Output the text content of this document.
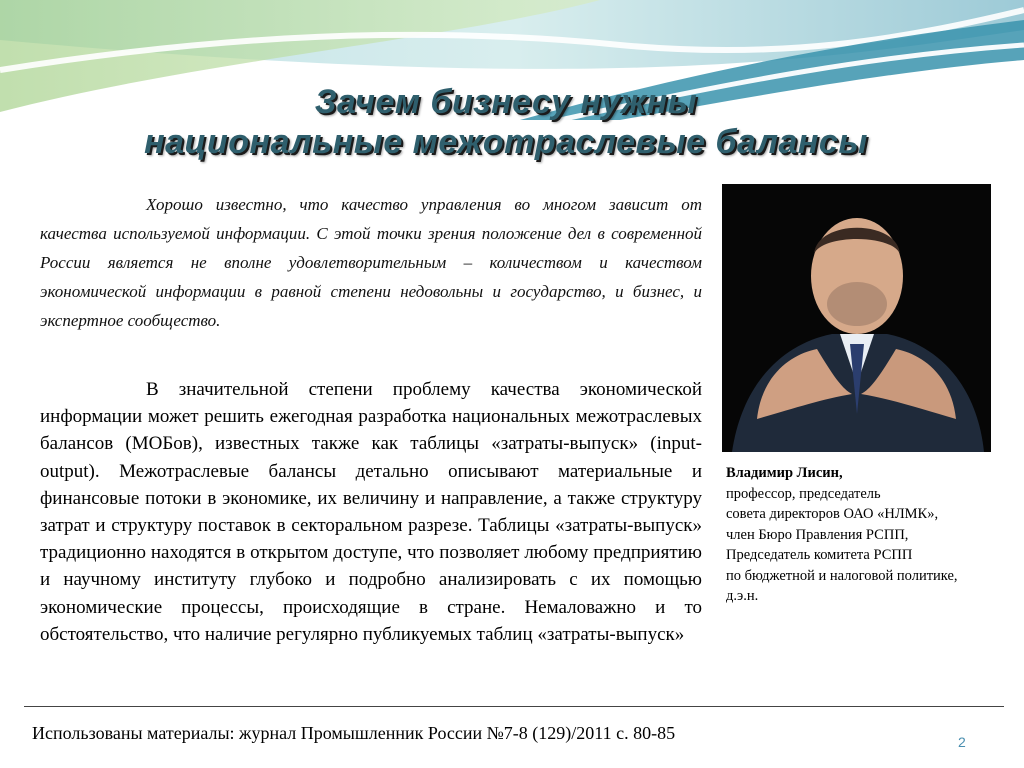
Зачем бизнесу нужны
национальные межотраслевые балансы
Хорошо известно, что качество управления во многом зависит от качества используемой информации. С этой точки зрения положение дел в современной России является не вполне удовлетворительным – количеством и качеством экономической информации в равной степени недовольны и государство, и бизнес, и экспертное сообщество.
В значительной степени проблему качества экономической информации может решить ежегодная разработка национальных межотраслевых балансов (МОБов), известных также как таблицы «затраты-выпуск» (input-output). Межотраслевые балансы детально описывают материальные и финансовые потоки в экономике, их величину и направление, а также структуру затрат и структуру поставок в секторальном разрезе. Таблицы «затраты-выпуск» традиционно находятся в открытом доступе, что позволяет любому предприятию и научному институту глубоко и подробно анализировать с их помощью экономические процессы, происходящие в стране. Немаловажно и то обстоятельство, что наличие регулярно публикуемых таблиц «затраты-выпуск»
Владимир Лисин,
профессор, председатель
совета директоров ОАО «НЛМК»,
член Бюро Правления РСПП,
Председатель комитета РСПП
по бюджетной и налоговой политике,
д.э.н.
Использованы материалы: журнал Промышленник России №7-8 (129)/2011 с. 80-85	2
